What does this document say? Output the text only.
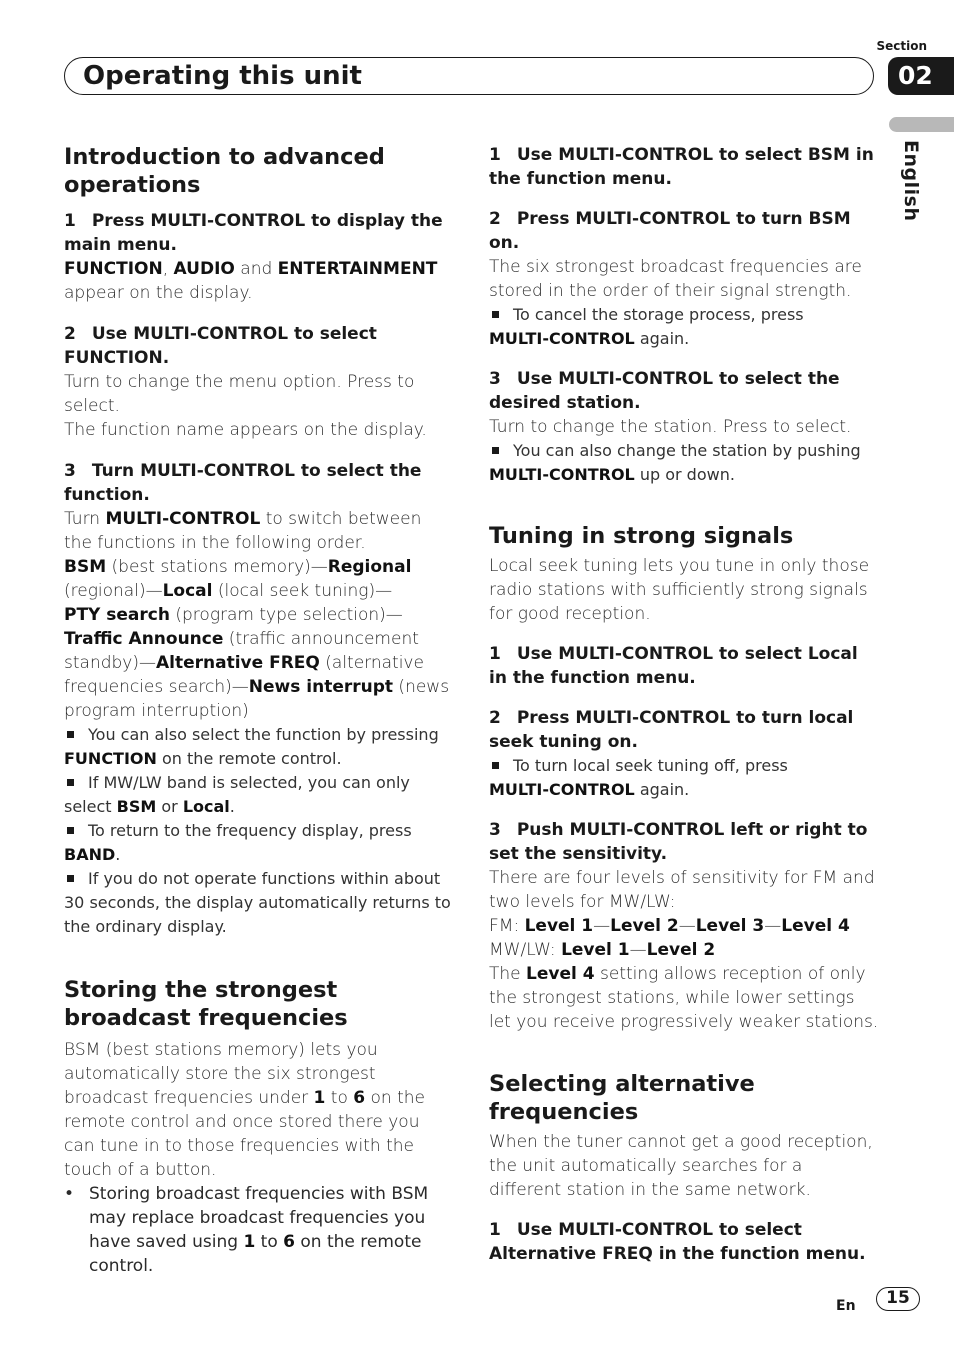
Section
Operating this unit	02
English
Introduction to advanced operations

1 Press MULTI-CONTROL to display the main menu.

FUNCTION, AUDIO and ENTERTAINMENT appear on the display.

2 Use MULTI-CONTROL to select FUNCTION.

Turn to change the menu option. Press to select.

The function name appears on the display.

3 Turn MULTI-CONTROL to select the function.

Turn MULTI-CONTROL to switch between the functions in the following order.

BSM (best stations memory)—Regional (regional)—Local (local seek tuning)—
PTY search (program type selection)—
Traffic Announce (traffic announcement standby)—Alternative FREQ (alternative frequencies search)—News interrupt (news program interruption)

You can also select the function by pressing FUNCTION on the remote control.

If MW/LW band is selected, you can only select BSM or Local.

To return to the frequency display, press BAND.

If you do not operate functions within about 30 seconds, the display automatically returns to the ordinary display.

Storing the strongest broadcast frequencies

BSM (best stations memory) lets you automatically store the six strongest broadcast frequencies under 1 to 6 on the remote control and once stored there you can tune in to those frequencies with the touch of a button.

• Storing broadcast frequencies with BSM may replace broadcast frequencies you have saved using 1 to 6 on the remote control.

1 Use MULTI-CONTROL to select BSM in the function menu.

2 Press MULTI-CONTROL to turn BSM on.

The six strongest broadcast frequencies are stored in the order of their signal strength.

To cancel the storage process, press
MULTI-CONTROL again.

3 Use MULTI-CONTROL to select the desired station.

Turn to change the station. Press to select.

You can also change the station by pushing
MULTI-CONTROL up or down.

Tuning in strong signals

Local seek tuning lets you tune in only those radio stations with sufficiently strong signals for good reception.

1 Use MULTI-CONTROL to select Local in the function menu.

2 Press MULTI-CONTROL to turn local seek tuning on.

To turn local seek tuning off, press
MULTI-CONTROL again.

3 Push MULTI-CONTROL left or right to set the sensitivity.

There are four levels of sensitivity for FM and two levels for MW/LW:

FM: Level 1—Level 2—Level 3—Level 4

MW/LW: Level 1—Level 2

The Level 4 setting allows reception of only the strongest stations, while lower settings let you receive progressively weaker stations.

Selecting alternative frequencies

When the tuner cannot get a good reception, the unit automatically searches for a different station in the same network.

1 Use MULTI-CONTROL to select Alternative FREQ in the function menu.

En	15
